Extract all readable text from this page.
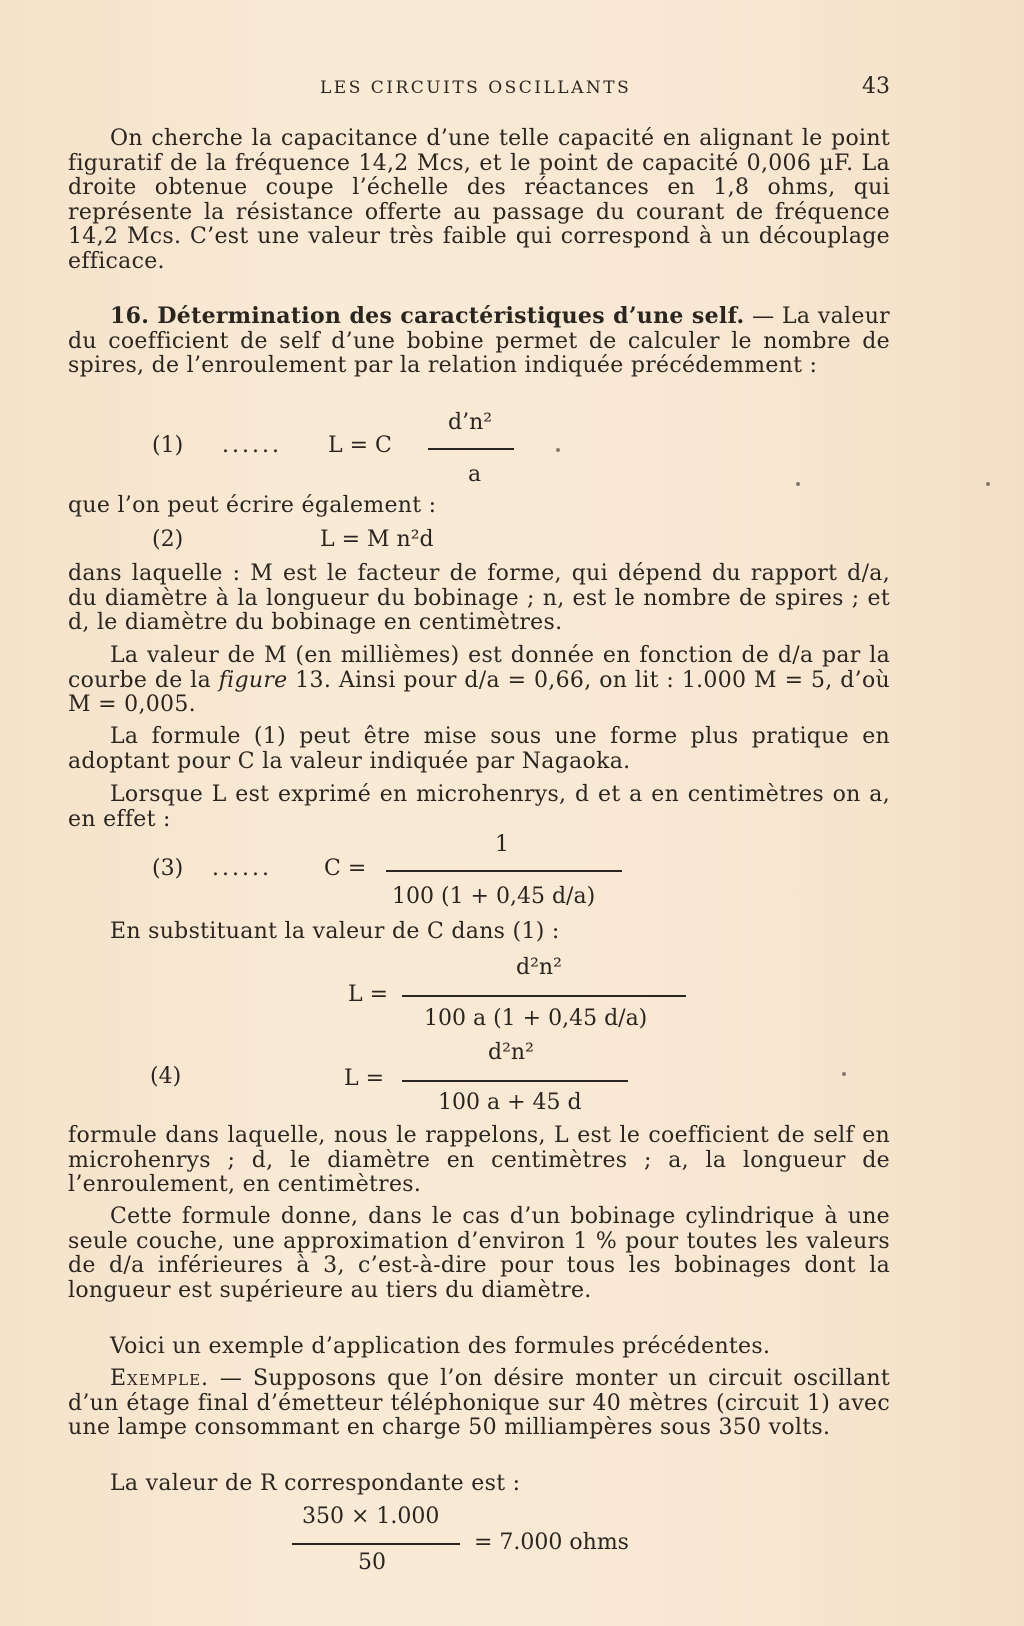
LES CIRCUITS OSCILLANTS	43

On cherche la capacitance d’une telle capacité en alignant le point figuratif de la fréquence 14,2 Mcs, et le point de capacité 0,006 µF. La droite obtenue coupe l’échelle des réactances en 1,8 ohms, qui représente la résistance offerte au passage du courant de fréquence 14,2 Mcs. C’est une valeur très faible qui correspond à un découplage efficace.

16. Détermination des caractéristiques d’une self. — La valeur du coefficient de self d’une bobine permet de calculer le nombre de spires, de l’enroulement par la relation indiquée précédemment :

(1) ...... L = C
d’n²
a

que l’on peut écrire également :

(2)	L = M n²d

dans laquelle : M est le facteur de forme, qui dépend du rapport d/a, du diamètre à la longueur du bobinage ; n, est le nombre de spires ; et d, le diamètre du bobinage en centimètres.

La valeur de M (en millièmes) est donnée en fonction de d/a par la courbe de la figure 13. Ainsi pour d/a = 0,66, on lit : 1.000 M = 5, d’où M = 0,005.

La formule (1) peut être mise sous une forme plus pratique en adoptant pour C la valeur indiquée par Nagaoka.

Lorsque L est exprimé en microhenrys, d et a en centimètres on a, en effet :

(3) ...... C =
1
100 (1 + 0,45 d/a)

En substituant la valeur de C dans (1) :

L =
d²n²
100 a (1 + 0,45 d/a)
(4)	L =
d²n²
100 a + 45 d

formule dans laquelle, nous le rappelons, L est le coefficient de self en microhenrys ; d, le diamètre en centimètres ; a, la longueur de l’enroulement, en centimètres.

Cette formule donne, dans le cas d’un bobinage cylindrique à une seule couche, une approximation d’environ 1 % pour toutes les valeurs de d/a inférieures à 3, c’est-à-dire pour tous les bobinages dont la longueur est supérieure au tiers du diamètre.

Voici un exemple d’application des formules précédentes.

Exemple. — Supposons que l’on désire monter un circuit oscillant d’un étage final d’émetteur téléphonique sur 40 mètres (circuit 1) avec une lampe consommant en charge 50 milliampères sous 350 volts.

La valeur de R correspondante est :

350 × 1.000
50
= 7.000 ohms
